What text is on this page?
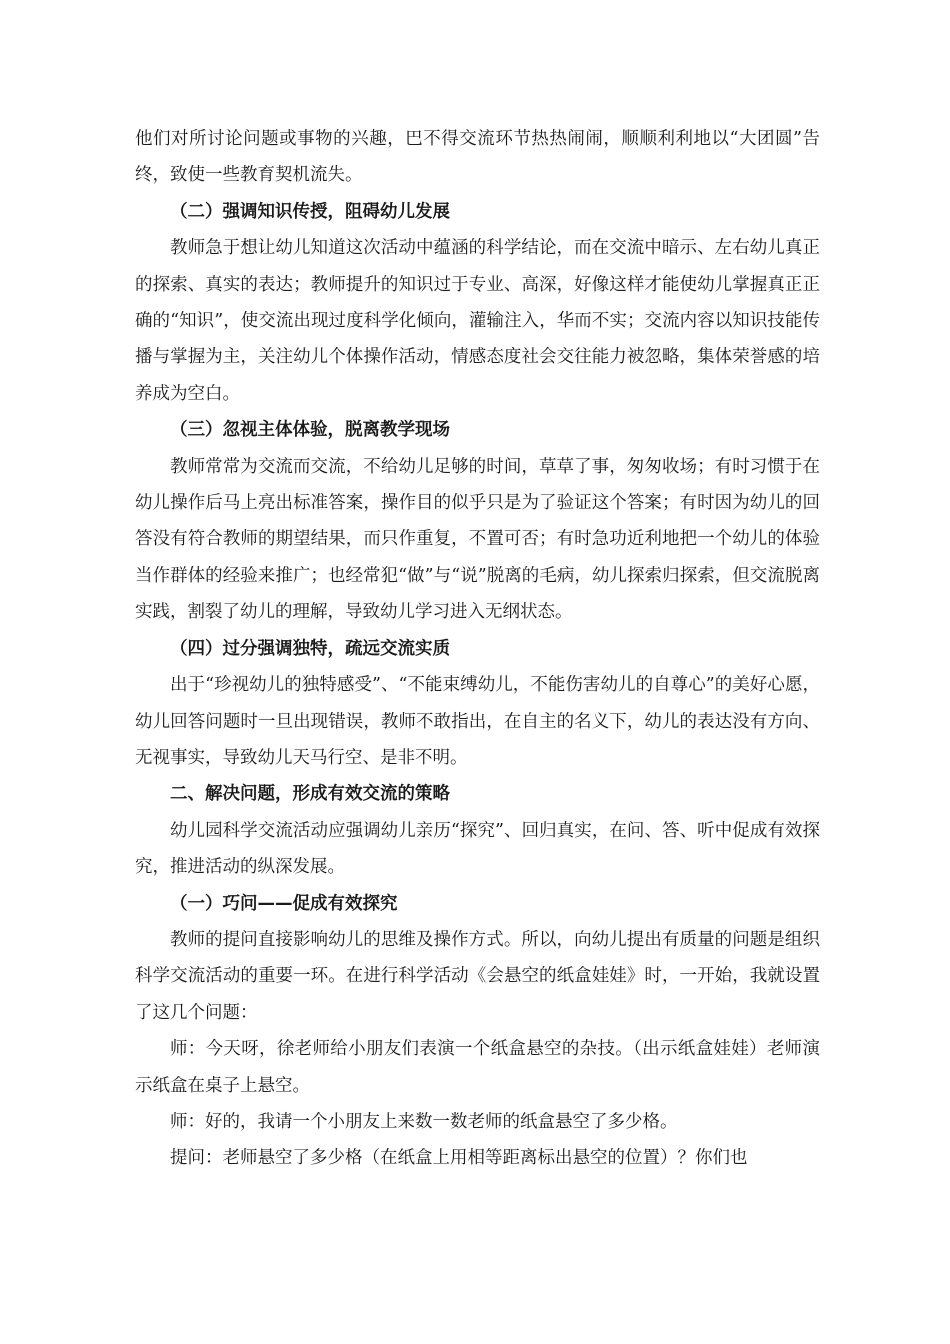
他们对所讨论问题或事物的兴趣，巴不得交流环节热热闹闹，顺顺利利地以“大团圆”告终，致使一些教育契机流失。

（二）强调知识传授，阻碍幼儿发展

教师急于想让幼儿知道这次活动中蕴涵的科学结论，而在交流中暗示、左右幼儿真正的探索、真实的表达；教师提升的知识过于专业、高深，好像这样才能使幼儿掌握真正正确的“知识”，使交流出现过度科学化倾向，灌输注入，华而不实；交流内容以知识技能传播与掌握为主，关注幼儿个体操作活动，情感态度社会交往能力被忽略，集体荣誉感的培养成为空白。

（三）忽视主体体验，脱离教学现场

教师常常为交流而交流，不给幼儿足够的时间，草草了事，匆匆收场；有时习惯于在幼儿操作后马上亮出标准答案，操作目的似乎只是为了验证这个答案；有时因为幼儿的回答没有符合教师的期望结果，而只作重复，不置可否；有时急功近利地把一个幼儿的体验当作群体的经验来推广；也经常犯“做”与“说”脱离的毛病，幼儿探索归探索，但交流脱离实践，割裂了幼儿的理解，导致幼儿学习进入无纲状态。

（四）过分强调独特，疏远交流实质

出于“珍视幼儿的独特感受”、“不能束缚幼儿，不能伤害幼儿的自尊心”的美好心愿，幼儿回答问题时一旦出现错误，教师不敢指出，在自主的名义下，幼儿的表达没有方向、无视事实，导致幼儿天马行空、是非不明。

二、解决问题，形成有效交流的策略

幼儿园科学交流活动应强调幼儿亲历“探究”、回归真实，在问、答、听中促成有效探究，推进活动的纵深发展。

（一）巧问——促成有效探究

教师的提问直接影响幼儿的思维及操作方式。所以，向幼儿提出有质量的问题是组织科学交流活动的重要一环。在进行科学活动《会悬空的纸盒娃娃》时，一开始，我就设置了这几个问题：

师：今天呀，徐老师给小朋友们表演一个纸盒悬空的杂技。（出示纸盒娃娃）老师演示纸盒在桌子上悬空。

师：好的，我请一个小朋友上来数一数老师的纸盒悬空了多少格。

提问：老师悬空了多少格（在纸盒上用相等距离标出悬空的位置）？你们也
